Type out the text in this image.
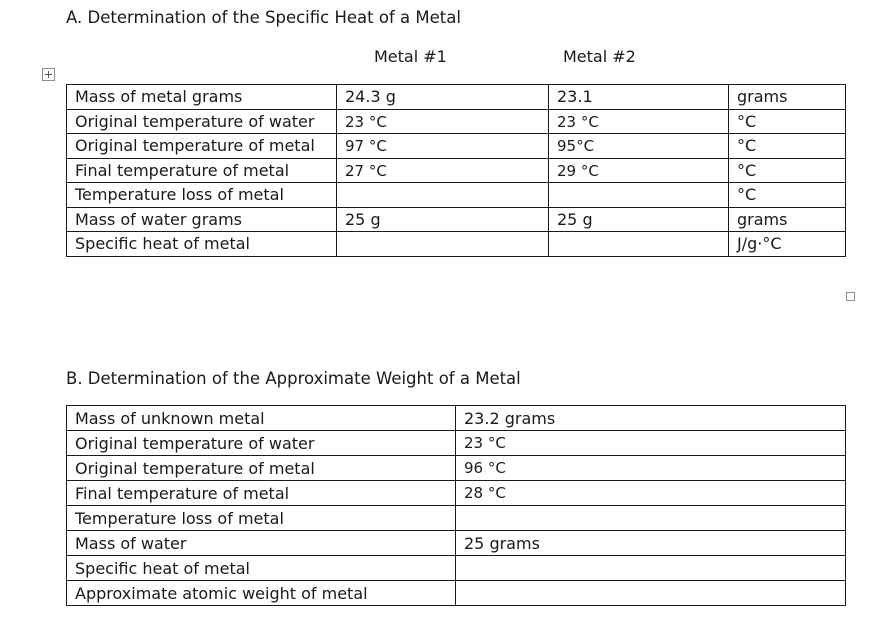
A. Determination of the Specific Heat of a Metal
Metal #1	Metal #2
Mass of metal grams	24.3 g	23.1	grams
Original temperature of water	23 °C	23 °C	°C
Original temperature of metal	97 °C	95°C	°C
Final temperature of metal	27 °C	29 °C	°C
Temperature loss of metal			°C
Mass of water grams	25 g	25 g	grams
Specific heat of metal			J/g·°C
B. Determination of the Approximate Weight of a Metal
Mass of unknown metal	23.2 grams
Original temperature of water	23 °C
Original temperature of metal	96 °C
Final temperature of metal	28 °C
Temperature loss of metal	
Mass of water	25 grams
Specific heat of metal	
Approximate atomic weight of metal	
